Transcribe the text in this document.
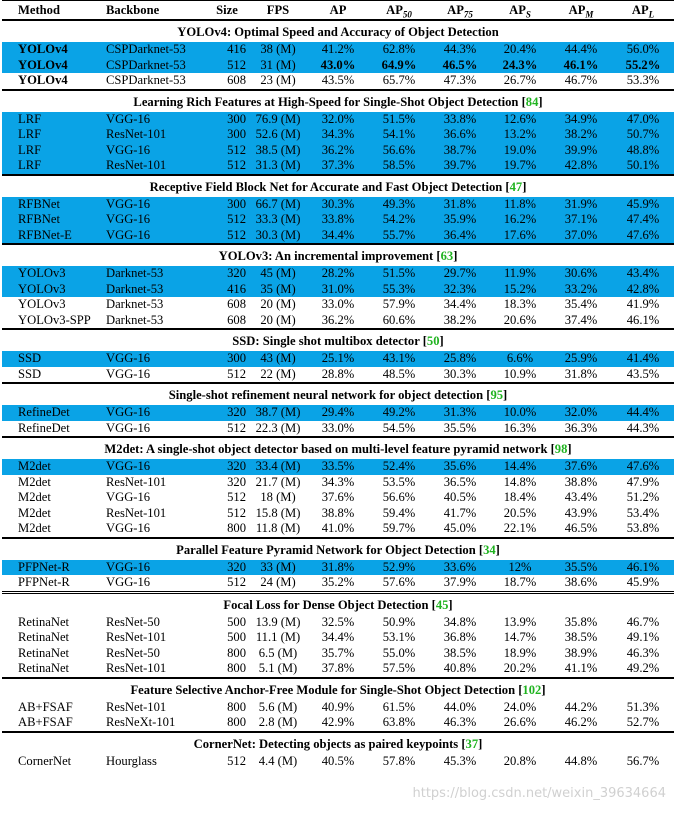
Method	Backbone	Size	FPS	AP	$AP_{50}$	$AP_{75}$	$AP_S$	$AP_M$	$AP_L$
YOLOv4: Optimal Speed and Accuracy of Object Detection									
YOLOv4	CSPDarknet-53	416	38 (M)	41.2%	62.8%	44.3%	20.4%	44.4%	56.0%
YOLOv4	CSPDarknet-53	512	31 (M)	43.0%	64.9%	46.5%	24.3%	46.1%	55.2%
YOLOv4	CSPDarknet-53	608	23 (M)	43.5%	65.7%	47.3%	26.7%	46.7%	53.3%
Learning Rich Features at High-Speed for Single-Shot Object Detection [84]									
LRF	VGG-16	300	76.9 (M)	32.0%	51.5%	33.8%	12.6%	34.9%	47.0%
LRF	ResNet-101	300	52.6 (M)	34.3%	54.1%	36.6%	13.2%	38.2%	50.7%
LRF	VGG-16	512	38.5 (M)	36.2%	56.6%	38.7%	19.0%	39.9%	48.8%
LRF	ResNet-101	512	31.3 (M)	37.3%	58.5%	39.7%	19.7%	42.8%	50.1%
Receptive Field Block Net for Accurate and Fast Object Detection [47]									
RFBNet	VGG-16	300	66.7 (M)	30.3%	49.3%	31.8%	11.8%	31.9%	45.9%
RFBNet	VGG-16	512	33.3 (M)	33.8%	54.2%	35.9%	16.2%	37.1%	47.4%
RFBNet-E	VGG-16	512	30.3 (M)	34.4%	55.7%	36.4%	17.6%	37.0%	47.6%
YOLOv3: An incremental improvement [63]									
YOLOv3	Darknet-53	320	45 (M)	28.2%	51.5%	29.7%	11.9%	30.6%	43.4%
YOLOv3	Darknet-53	416	35 (M)	31.0%	55.3%	32.3%	15.2%	33.2%	42.8%
YOLOv3	Darknet-53	608	20 (M)	33.0%	57.9%	34.4%	18.3%	35.4%	41.9%
YOLOv3-SPP	Darknet-53	608	20 (M)	36.2%	60.6%	38.2%	20.6%	37.4%	46.1%
SSD: Single shot multibox detector [50]									
SSD	VGG-16	300	43 (M)	25.1%	43.1%	25.8%	6.6%	25.9%	41.4%
SSD	VGG-16	512	22 (M)	28.8%	48.5%	30.3%	10.9%	31.8%	43.5%
Single-shot refinement neural network for object detection [95]									
RefineDet	VGG-16	320	38.7 (M)	29.4%	49.2%	31.3%	10.0%	32.0%	44.4%
RefineDet	VGG-16	512	22.3 (M)	33.0%	54.5%	35.5%	16.3%	36.3%	44.3%
M2det: A single-shot object detector based on multi-level feature pyramid network [98]									
M2det	VGG-16	320	33.4 (M)	33.5%	52.4%	35.6%	14.4%	37.6%	47.6%
M2det	ResNet-101	320	21.7 (M)	34.3%	53.5%	36.5%	14.8%	38.8%	47.9%
M2det	VGG-16	512	18 (M)	37.6%	56.6%	40.5%	18.4%	43.4%	51.2%
M2det	ResNet-101	512	15.8 (M)	38.8%	59.4%	41.7%	20.5%	43.9%	53.4%
M2det	VGG-16	800	11.8 (M)	41.0%	59.7%	45.0%	22.1%	46.5%	53.8%
Parallel Feature Pyramid Network for Object Detection [34]									
PFPNet-R	VGG-16	320	33 (M)	31.8%	52.9%	33.6%	12%	35.5%	46.1%
PFPNet-R	VGG-16	512	24 (M)	35.2%	57.6%	37.9%	18.7%	38.6%	45.9%
Focal Loss for Dense Object Detection [45]									
RetinaNet	ResNet-50	500	13.9 (M)	32.5%	50.9%	34.8%	13.9%	35.8%	46.7%
RetinaNet	ResNet-101	500	11.1 (M)	34.4%	53.1%	36.8%	14.7%	38.5%	49.1%
RetinaNet	ResNet-50	800	6.5 (M)	35.7%	55.0%	38.5%	18.9%	38.9%	46.3%
RetinaNet	ResNet-101	800	5.1 (M)	37.8%	57.5%	40.8%	20.2%	41.1%	49.2%
Feature Selective Anchor-Free Module for Single-Shot Object Detection [102]									
AB+FSAF	ResNet-101	800	5.6 (M)	40.9%	61.5%	44.0%	24.0%	44.2%	51.3%
AB+FSAF	ResNeXt-101	800	2.8 (M)	42.9%	63.8%	46.3%	26.6%	46.2%	52.7%
CornerNet: Detecting objects as paired keypoints [37]									
CornerNet	Hourglass	512	4.4 (M)	40.5%	57.8%	45.3%	20.8%	44.8%	56.7%
https://blog.csdn.net/weixin_39634664
